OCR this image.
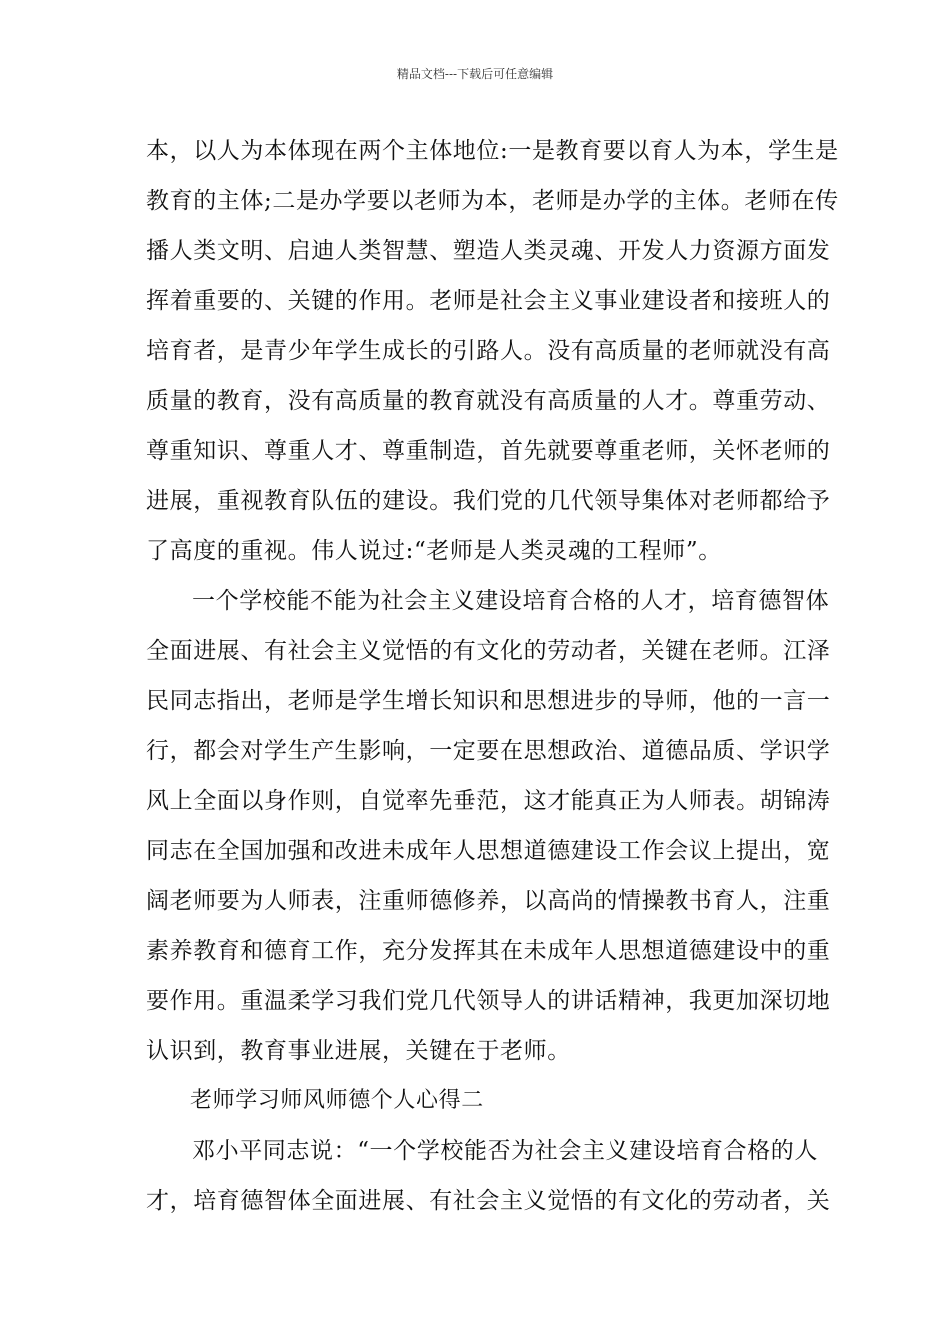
精品文档---下载后可任意编辑
本，以人为本体现在两个主体地位:一是教育要以育人为本，学生是
教育的主体;二是办学要以老师为本，老师是办学的主体。老师在传
播人类文明、启迪人类智慧、塑造人类灵魂、开发人力资源方面发
挥着重要的、关键的作用。老师是社会主义事业建设者和接班人的
培育者，是青少年学生成长的引路人。没有高质量的老师就没有高
质量的教育，没有高质量的教育就没有高质量的人才。尊重劳动、
尊重知识、尊重人才、尊重制造，首先就要尊重老师，关怀老师的
进展，重视教育队伍的建设。我们党的几代领导集体对老师都给予
了高度的重视。伟人说过:“老师是人类灵魂的工程师”。
一个学校能不能为社会主义建设培育合格的人才，培育德智体
全面进展、有社会主义觉悟的有文化的劳动者，关键在老师。江泽
民同志指出，老师是学生增长知识和思想进步的导师，他的一言一
行，都会对学生产生影响，一定要在思想政治、道德品质、学识学
风上全面以身作则，自觉率先垂范，这才能真正为人师表。胡锦涛
同志在全国加强和改进未成年人思想道德建设工作会议上提出，宽
阔老师要为人师表，注重师德修养，以高尚的情操教书育人，注重
素养教育和德育工作，充分发挥其在未成年人思想道德建设中的重
要作用。重温柔学习我们党几代领导人的讲话精神，我更加深切地
认识到，教育事业进展，关键在于老师。
老师学习师风师德个人心得二
邓小平同志说：“一个学校能否为社会主义建设培育合格的人
才，培育德智体全面进展、有社会主义觉悟的有文化的劳动者，关
